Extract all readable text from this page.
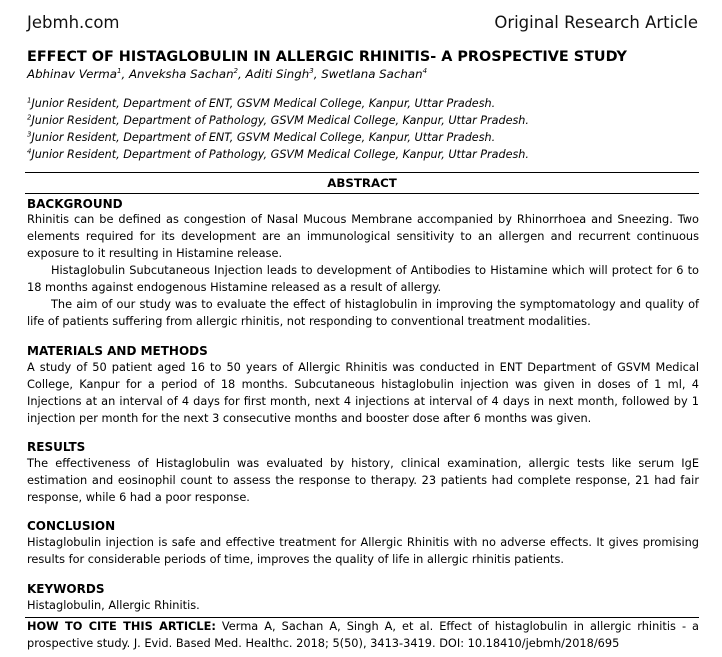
Jebmh.com	Original Research Article
EFFECT OF HISTAGLOBULIN IN ALLERGIC RHINITIS- A PROSPECTIVE STUDY
Abhinav Verma$^1$, Anveksha Sachan$^2$, Aditi Singh$^3$, Swetlana Sachan$^4$
$^1$Junior Resident, Department of ENT, GSVM Medical College, Kanpur, Uttar Pradesh.
$^2$Junior Resident, Department of Pathology, GSVM Medical College, Kanpur, Uttar Pradesh.
$^3$Junior Resident, Department of ENT, GSVM Medical College, Kanpur, Uttar Pradesh.
$^4$Junior Resident, Department of Pathology, GSVM Medical College, Kanpur, Uttar Pradesh.
ABSTRACT
BACKGROUND
Rhinitis can be defined as congestion of Nasal Mucous Membrane accompanied by Rhinorrhoea and Sneezing. Two elements required for its development are an immunological sensitivity to an allergen and recurrent continuous exposure to it resulting in Histamine release.
Histaglobulin Subcutaneous Injection leads to development of Antibodies to Histamine which will protect for 6 to 18 months against endogenous Histamine released as a result of allergy.
The aim of our study was to evaluate the effect of histaglobulin in improving the symptomatology and quality of life of patients suffering from allergic rhinitis, not responding to conventional treatment modalities.
MATERIALS AND METHODS
A study of 50 patient aged 16 to 50 years of Allergic Rhinitis was conducted in ENT Department of GSVM Medical College, Kanpur for a period of 18 months. Subcutaneous histaglobulin injection was given in doses of 1 ml, 4 Injections at an interval of 4 days for first month, next 4 injections at interval of 4 days in next month, followed by 1 injection per month for the next 3 consecutive months and booster dose after 6 months was given.
RESULTS
The effectiveness of Histaglobulin was evaluated by history, clinical examination, allergic tests like serum IgE estimation and eosinophil count to assess the response to therapy. 23 patients had complete response, 21 had fair response, while 6 had a poor response.
CONCLUSION
Histaglobulin injection is safe and effective treatment for Allergic Rhinitis with no adverse effects. It gives promising results for considerable periods of time, improves the quality of life in allergic rhinitis patients.
KEYWORDS
Histaglobulin, Allergic Rhinitis.
HOW TO CITE THIS ARTICLE: Verma A, Sachan A, Singh A, et al. Effect of histaglobulin in allergic rhinitis - a prospective study. J. Evid. Based Med. Healthc. 2018; 5(50), 3413-3419. DOI: 10.18410/jebmh/2018/695
